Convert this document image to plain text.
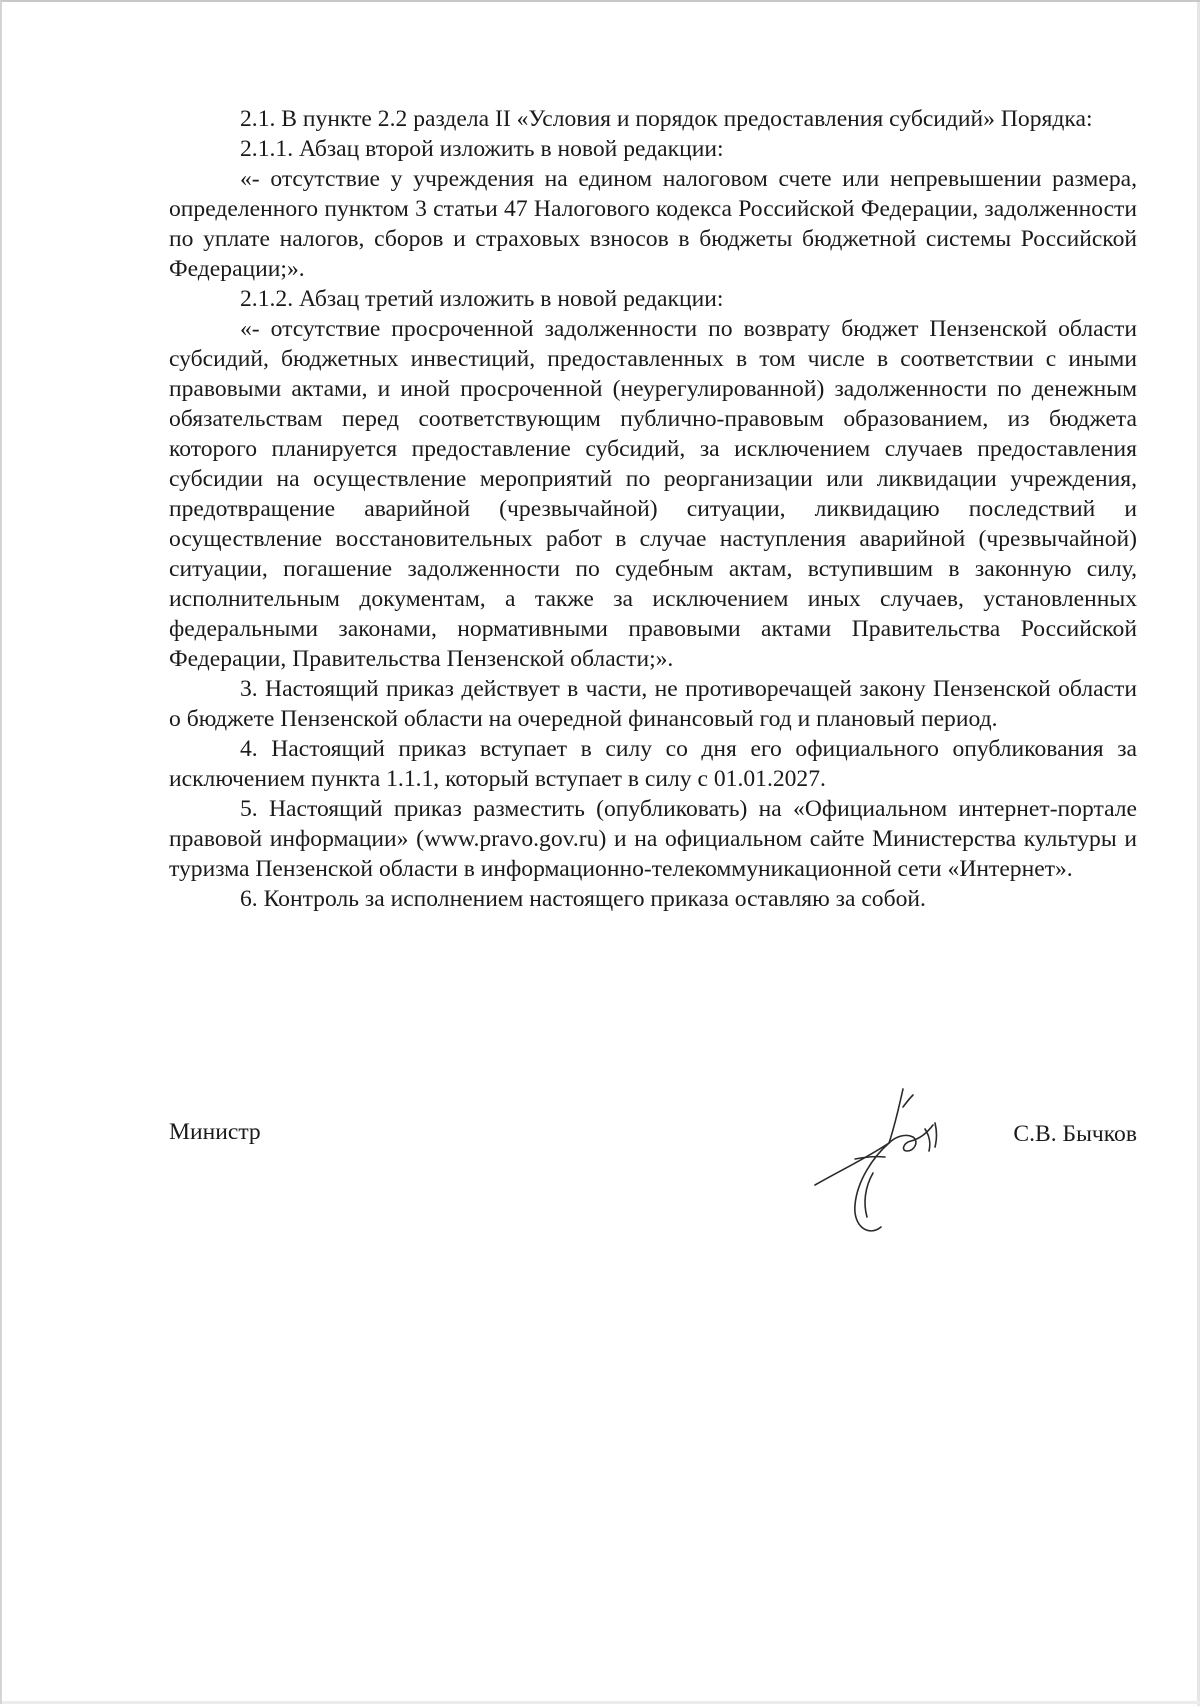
2.1. В пункте 2.2 раздела II «Условия и порядок предоставления субсидий» Порядка:

2.1.1. Абзац второй изложить в новой редакции:

«- отсутствие у учреждения на едином налоговом счете или непревышении размера, определенного пунктом 3 статьи 47 Налогового кодекса Российской Федерации, задолженности по уплате налогов, сборов и страховых взносов в бюджеты бюджетной системы Российской Федерации;».

2.1.2. Абзац третий изложить в новой редакции:

«- отсутствие просроченной задолженности по возврату бюджет Пензенской области субсидий, бюджетных инвестиций, предоставленных в том числе в соответствии с иными правовыми актами, и иной просроченной (неурегулированной) задолженности по денежным обязательствам перед соответствующим публично-правовым образованием, из бюджета которого планируется предоставление субсидий, за исключением случаев предоставления субсидии на осуществление мероприятий по реорганизации или ликвидации учреждения, предотвращение аварийной (чрезвычайной) ситуации, ликвидацию последствий и осуществление восстановительных работ в случае наступления аварийной (чрезвычайной) ситуации, погашение задолженности по судебным актам, вступившим в законную силу, исполнительным документам, а также за исключением иных случаев, установленных федеральными законами, нормативными правовыми актами Правительства Российской Федерации, Правительства Пензенской области;».

3. Настоящий приказ действует в части, не противоречащей закону Пензенской области о бюджете Пензенской области на очередной финансовый год и плановый период.

4. Настоящий приказ вступает в силу со дня его официального опубликования за исключением пункта 1.1.1, который вступает в силу с 01.01.2027.

5. Настоящий приказ разместить (опубликовать) на «Официальном интернет-портале правовой информации» (www.pravo.gov.ru) и на официальном сайте Министерства культуры и туризма Пензенской области в информационно-телекоммуникационной сети «Интернет».

6. Контроль за исполнением настоящего приказа оставляю за собой.

Министр	С.В. Бычков
